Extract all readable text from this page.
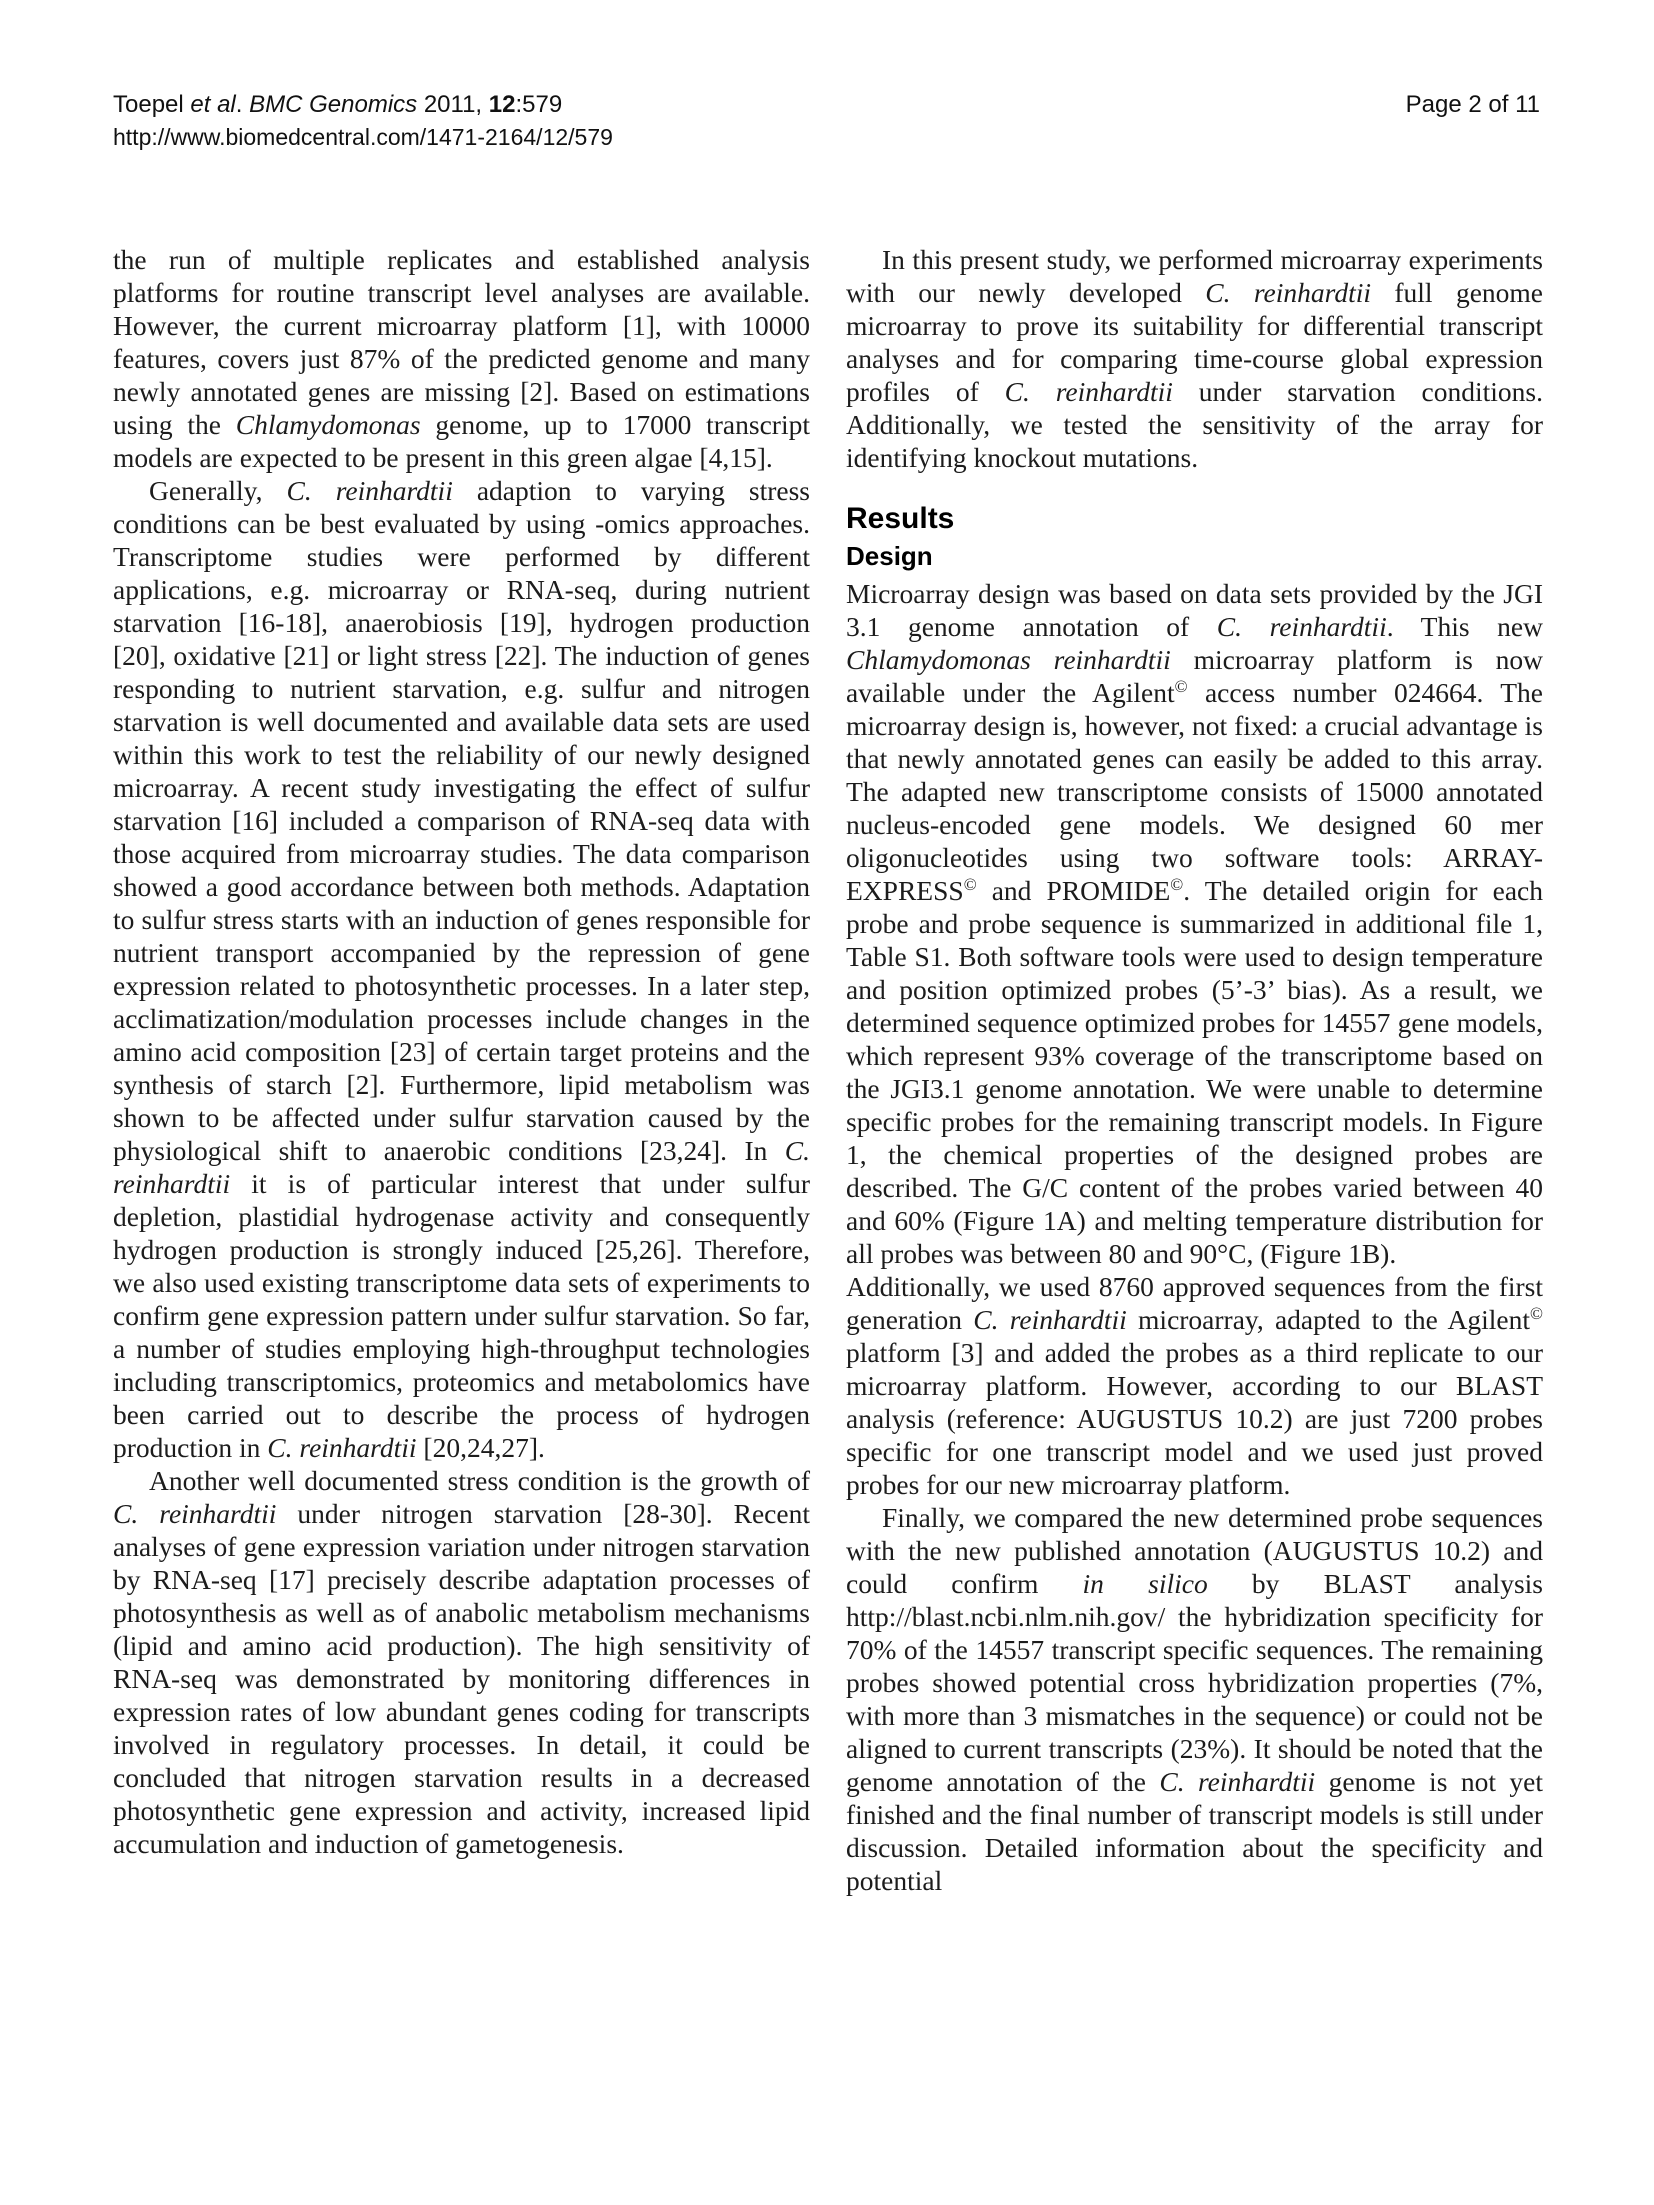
Toepel et al. BMC Genomics 2011, 12:579
http://www.biomedcentral.com/1471-2164/12/579
Page 2 of 11

the run of multiple replicates and established analysis platforms for routine transcript level analyses are available. However, the current microarray platform [1], with 10000 features, covers just 87% of the predicted genome and many newly annotated genes are missing [2]. Based on estimations using the Chlamydomonas genome, up to 17000 transcript models are expected to be present in this green algae [4,15].

Generally, C. reinhardtii adaption to varying stress conditions can be best evaluated by using -omics approaches. Transcriptome studies were performed by different applications, e.g. microarray or RNA-seq, during nutrient starvation [16-18], anaerobiosis [19], hydrogen production [20], oxidative [21] or light stress [22]. The induction of genes responding to nutrient starvation, e.g. sulfur and nitrogen starvation is well documented and available data sets are used within this work to test the reliability of our newly designed microarray. A recent study investigating the effect of sulfur starvation [16] included a comparison of RNA-seq data with those acquired from microarray studies. The data comparison showed a good accordance between both methods. Adaptation to sulfur stress starts with an induction of genes responsible for nutrient transport accompanied by the repression of gene expression related to photosynthetic processes. In a later step, acclimatization/modulation processes include changes in the amino acid composition [23] of certain target proteins and the synthesis of starch [2]. Furthermore, lipid metabolism was shown to be affected under sulfur starvation caused by the physiological shift to anaerobic conditions [23,24]. In C. reinhardtii it is of particular interest that under sulfur depletion, plastidial hydrogenase activity and consequently hydrogen production is strongly induced [25,26]. Therefore, we also used existing transcriptome data sets of experiments to confirm gene expression pattern under sulfur starvation. So far, a number of studies employing high-throughput technologies including transcriptomics, proteomics and metabolomics have been carried out to describe the process of hydrogen production in C. reinhardtii [20,24,27].

Another well documented stress condition is the growth of C. reinhardtii under nitrogen starvation [28-30]. Recent analyses of gene expression variation under nitrogen starvation by RNA-seq [17] precisely describe adaptation processes of photosynthesis as well as of anabolic metabolism mechanisms (lipid and amino acid production). The high sensitivity of RNA-seq was demonstrated by monitoring differences in expression rates of low abundant genes coding for transcripts involved in regulatory processes. In detail, it could be concluded that nitrogen starvation results in a decreased photosynthetic gene expression and activity, increased lipid accumulation and induction of gametogenesis.

In this present study, we performed microarray experiments with our newly developed C. reinhardtii full genome microarray to prove its suitability for differential transcript analyses and for comparing time-course global expression profiles of C. reinhardtii under starvation conditions. Additionally, we tested the sensitivity of the array for identifying knockout mutations.

Results
Design

Microarray design was based on data sets provided by the JGI 3.1 genome annotation of C. reinhardtii. This new Chlamydomonas reinhardtii microarray platform is now available under the Agilent© access number 024664. The microarray design is, however, not fixed: a crucial advantage is that newly annotated genes can easily be added to this array. The adapted new transcriptome consists of 15000 annotated nucleus-encoded gene models. We designed 60 mer oligonucleotides using two software tools: ARRAY-EXPRESS© and PROMIDE©. The detailed origin for each probe and probe sequence is summarized in additional file 1, Table S1. Both software tools were used to design temperature and position optimized probes (5’-3’ bias). As a result, we determined sequence optimized probes for 14557 gene models, which represent 93% coverage of the transcriptome based on the JGI3.1 genome annotation. We were unable to determine specific probes for the remaining transcript models. In Figure 1, the chemical properties of the designed probes are described. The G/C content of the probes varied between 40 and 60% (Figure 1A) and melting temperature distribution for all probes was between 80 and 90°C, (Figure 1B).

Additionally, we used 8760 approved sequences from the first generation C. reinhardtii microarray, adapted to the Agilent© platform [3] and added the probes as a third replicate to our microarray platform. However, according to our BLAST analysis (reference: AUGUSTUS 10.2) are just 7200 probes specific for one transcript model and we used just proved probes for our new microarray platform.

Finally, we compared the new determined probe sequences with the new published annotation (AUGUSTUS 10.2) and could confirm in silico by BLAST analysis http://blast.ncbi.nlm.nih.gov/ the hybridization specificity for 70% of the 14557 transcript specific sequences. The remaining probes showed potential cross hybridization properties (7%, with more than 3 mismatches in the sequence) or could not be aligned to current transcripts (23%). It should be noted that the genome annotation of the C. reinhardtii genome is not yet finished and the final number of transcript models is still under discussion. Detailed information about the specificity and potential
